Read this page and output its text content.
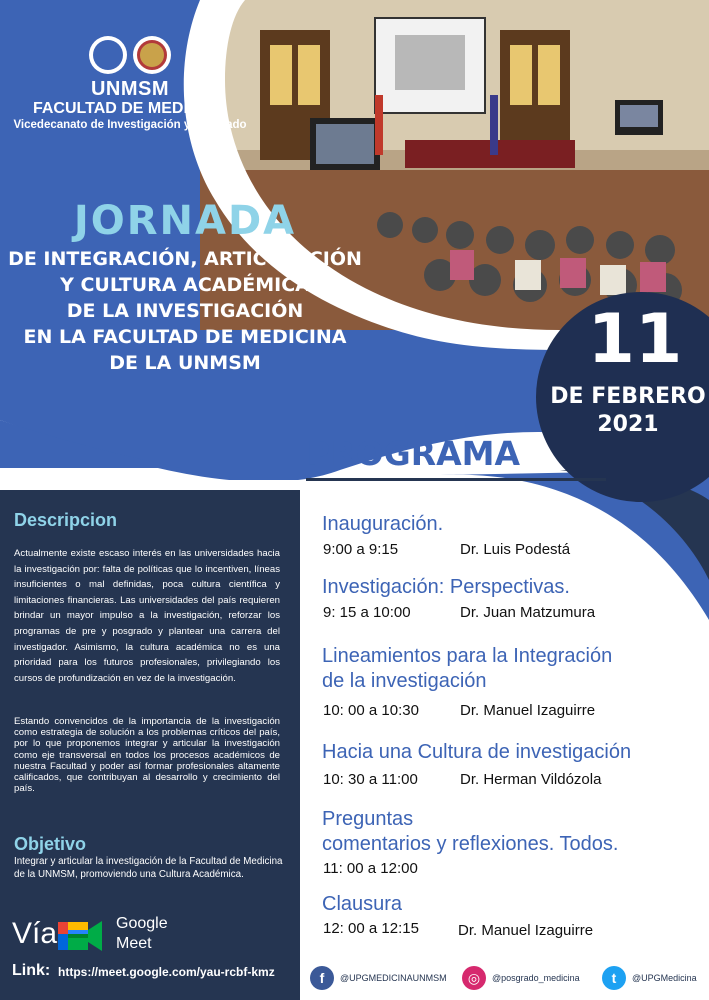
UNMSM
FACULTAD DE MEDICINA
Vicedecanato de Investigación y Posgrado
JORNADA
DE INTEGRACIÓN, ARTICULACIÓN
Y CULTURA ACADÉMICA
DE LA INVESTIGACIÓN
EN LA FACULTAD DE MEDICINA
DE LA UNMSM	11
DE FEBRERO
2021
PROGRAMA
Descripcion
Actualmente existe escaso interés en las universidades hacia la investigación por: falta de políticas que lo incentiven, líneas insuficientes o mal definidas, poca cultura científica y limitaciones financieras. Las universidades del país requieren brindar un mayor impulso a la investigación, reforzar los programas de pre y posgrado y plantear una carrera del investigador. Asimismo, la cultura académica no es una prioridad para los futuros profesionales, privilegiando los cursos de profundización en vez de la investigación.
Estando convencidos de la importancia de la investigación como estrategia de solución a los problemas críticos del país, por lo que proponemos integrar y articular la investigación como eje transversal en todos los procesos académicos de nuestra Facultad y poder así formar profesionales altamente calificados, que contribuyan al desarrollo y crecimiento del país.
Objetivo
Integrar y articular la investigación de la Facultad de Medicina de la UNMSM, promoviendo una Cultura Académica.
Vía	Google
Meet
Link: https://meet.google.com/yau-rcbf-kmz
Inauguración.
9:00 a 9:15	Dr. Luis Podestá
Investigación: Perspectivas.
9: 15 a 10:00	Dr. Juan Matzumura
Lineamientos para la Integración
de la investigación
10: 00 a 10:30	Dr. Manuel Izaguirre
Hacia una Cultura de investigación
10: 30 a 11:00	Dr. Herman Vildózola
Preguntas
comentarios y reflexiones. Todos.
11: 00 a 12:00
Clausura
12: 00 a 12:15	Dr. Manuel Izaguirre
f	@UPGMEDICINAUNMSM	◎	@posgrado_medicina	t	@UPGMedicina
